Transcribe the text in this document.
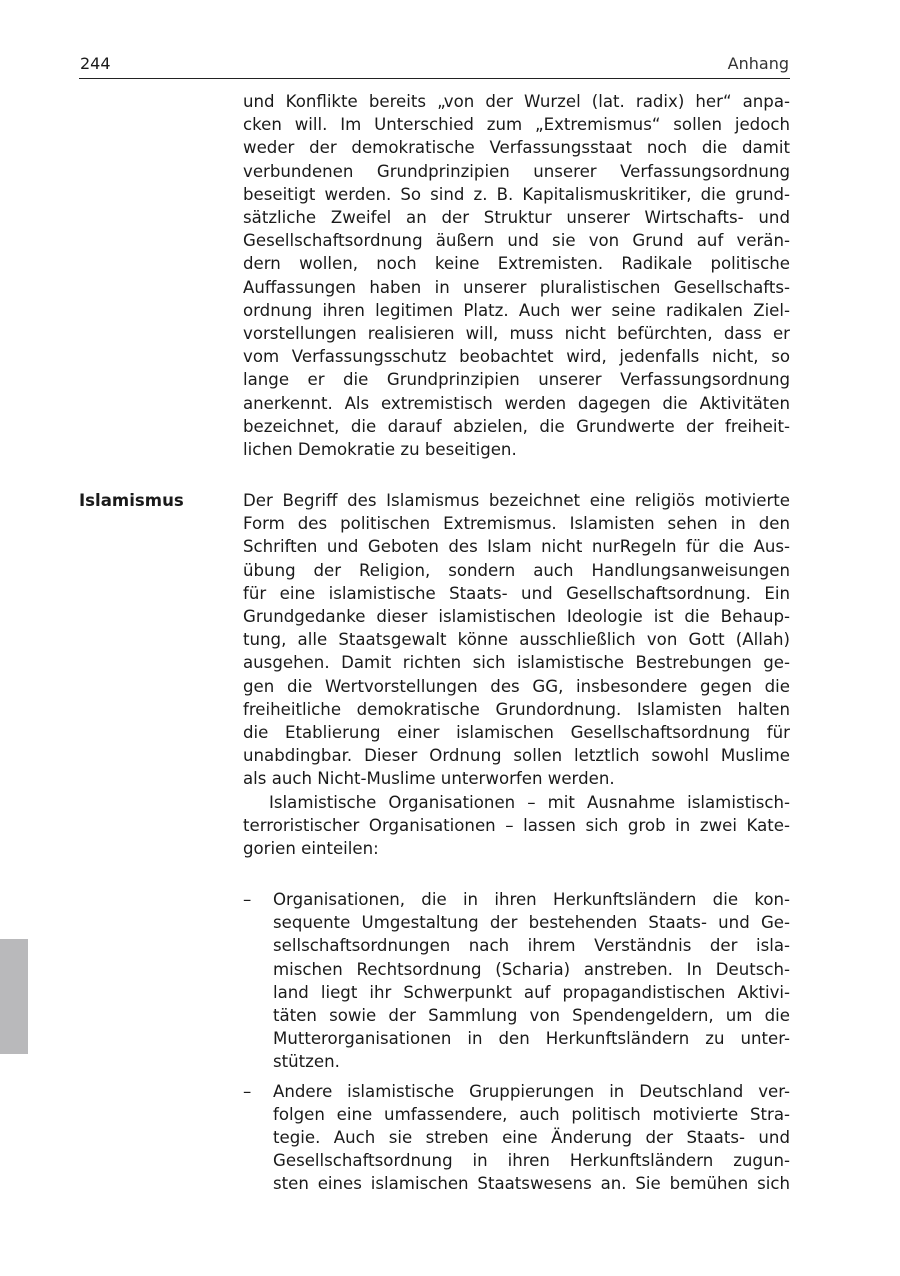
244	Anhang
und Konflikte bereits „von der Wurzel (lat. radix) her“ anpa-
cken will. Im Unterschied zum „Extremismus“ sollen jedoch
weder der demokratische Verfassungsstaat noch die damit
verbundenen Grundprinzipien unserer Verfassungsordnung
beseitigt werden. So sind z. B. Kapitalismuskritiker, die grund-
sätzliche Zweifel an der Struktur unserer Wirtschafts- und
Gesellschaftsordnung äußern und sie von Grund auf verän-
dern wollen, noch keine Extremisten. Radikale politische
Auffassungen haben in unserer pluralistischen Gesellschafts-
ordnung ihren legitimen Platz. Auch wer seine radikalen Ziel-
vorstellungen realisieren will, muss nicht befürchten, dass er
vom Verfassungsschutz beobachtet wird, jedenfalls nicht, so
lange er die Grundprinzipien unserer Verfassungsordnung
anerkennt. Als extremistisch werden dagegen die Aktivitäten
bezeichnet, die darauf abzielen, die Grundwerte der freiheit-
lichen Demokratie zu beseitigen.
Islamismus	Der Begriff des Islamismus bezeichnet eine religiös motivierte
Form des politischen Extremismus. Islamisten sehen in den
Schriften und Geboten des Islam nicht nurRegeln für die Aus-
übung der Religion, sondern auch Handlungsanweisungen
für eine islamistische Staats- und Gesellschaftsordnung. Ein
Grundgedanke dieser islamistischen Ideologie ist die Behaup-
tung, alle Staatsgewalt könne ausschließlich von Gott (Allah)
ausgehen. Damit richten sich islamistische Bestrebungen ge-
gen die Wertvorstellungen des GG, insbesondere gegen die
freiheitliche demokratische Grundordnung. Islamisten halten
die Etablierung einer islamischen Gesellschaftsordnung für
unabdingbar. Dieser Ordnung sollen letztlich sowohl Muslime
als auch Nicht-Muslime unterworfen werden.
Islamistische Organisationen – mit Ausnahme islamistisch-
terroristischer Organisationen – lassen sich grob in zwei Kate-
gorien einteilen:
– Organisationen, die in ihren Herkunftsländern die kon-
sequente Umgestaltung der bestehenden Staats- und Ge-
sellschaftsordnungen nach ihrem Verständnis der isla-
mischen Rechtsordnung (Scharia) anstreben. In Deutsch-
land liegt ihr Schwerpunkt auf propagandistischen Aktivi-
täten sowie der Sammlung von Spendengeldern, um die
Mutterorganisationen in den Herkunftsländern zu unter-
stützen.
– Andere islamistische Gruppierungen in Deutschland ver-
folgen eine umfassendere, auch politisch motivierte Stra-
tegie. Auch sie streben eine Änderung der Staats- und
Gesellschaftsordnung in ihren Herkunftsländern zugun-
sten eines islamischen Staatswesens an. Sie bemühen sich
